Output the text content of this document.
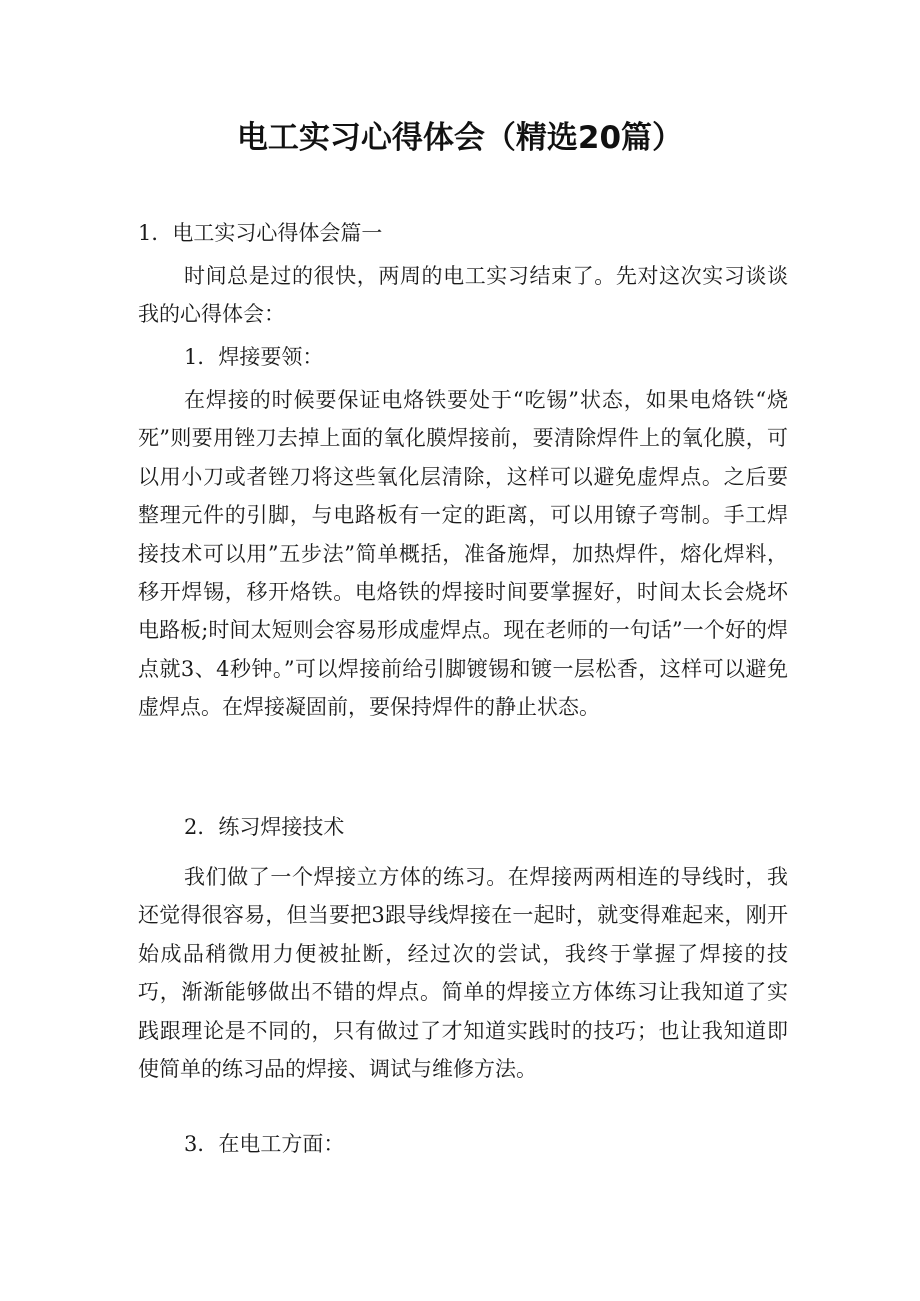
电工实习心得体会（精选20篇）
1．电工实习心得体会篇一

时间总是过的很快，两周的电工实习结束了。先对这次实习谈谈我的心得体会：

1．焊接要领：

在焊接的时候要保证电烙铁要处于“吃锡”状态，如果电烙铁“烧死”则要用锉刀去掉上面的氧化膜焊接前，要清除焊件上的氧化膜，可以用小刀或者锉刀将这些氧化层清除，这样可以避免虚焊点。之后要整理元件的引脚，与电路板有一定的距离，可以用镣子弯制。手工焊接技术可以用”五步法”简单概括，准备施焊，加热焊件，熔化焊料，移开焊锡，移开烙铁。电烙铁的焊接时间要掌握好，时间太长会烧坏电路板;时间太短则会容易形成虚焊点。现在老师的一句话”一个好的焊点就3、4秒钟。”可以焊接前给引脚镀锡和镀一层松香，这样可以避免虚焊点。在焊接凝固前，要保持焊件的静止状态。

2．练习焊接技术

我们做了一个焊接立方体的练习。在焊接两两相连的导线时，我还觉得很容易，但当要把3跟导线焊接在一起时，就变得难起来，刚开始成品稍微用力便被扯断，经过次的尝试，我终于掌握了焊接的技巧，渐渐能够做出不错的焊点。简单的焊接立方体练习让我知道了实践跟理论是不同的，只有做过了才知道实践时的技巧；也让我知道即使简单的练习品的焊接、调试与维修方法。

3．在电工方面：
